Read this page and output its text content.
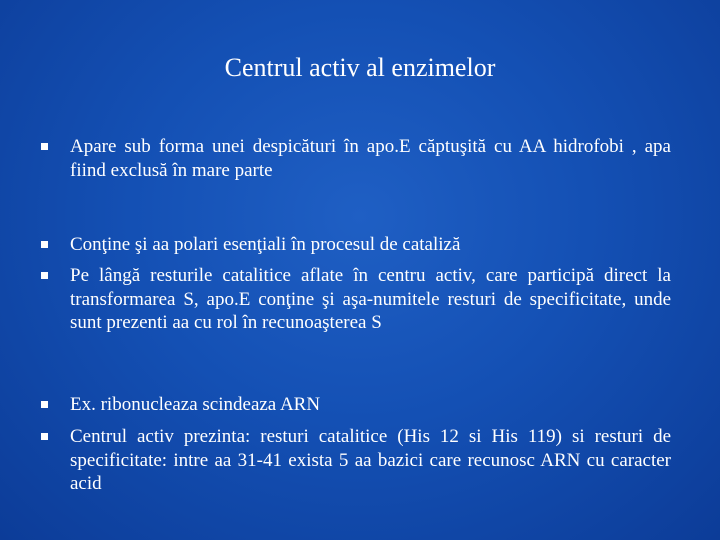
Centrul activ al enzimelor
Apare sub forma unei despicături în apo.E căptuşită cu AA hidrofobi , apa fiind exclusă în mare parte
Conţine şi aa polari esenţiali în procesul de cataliză
Pe lângă resturile catalitice aflate în centru activ, care participă direct la transformarea S, apo.E conţine şi aşa-numitele resturi de specificitate, unde sunt prezenti aa cu rol în recunoaşterea S
Ex. ribonucleaza scindeaza ARN
Centrul activ prezinta: resturi catalitice (His 12 si His 119) si resturi de specificitate: intre aa 31-41 exista 5 aa bazici care recunosc ARN cu caracter acid
